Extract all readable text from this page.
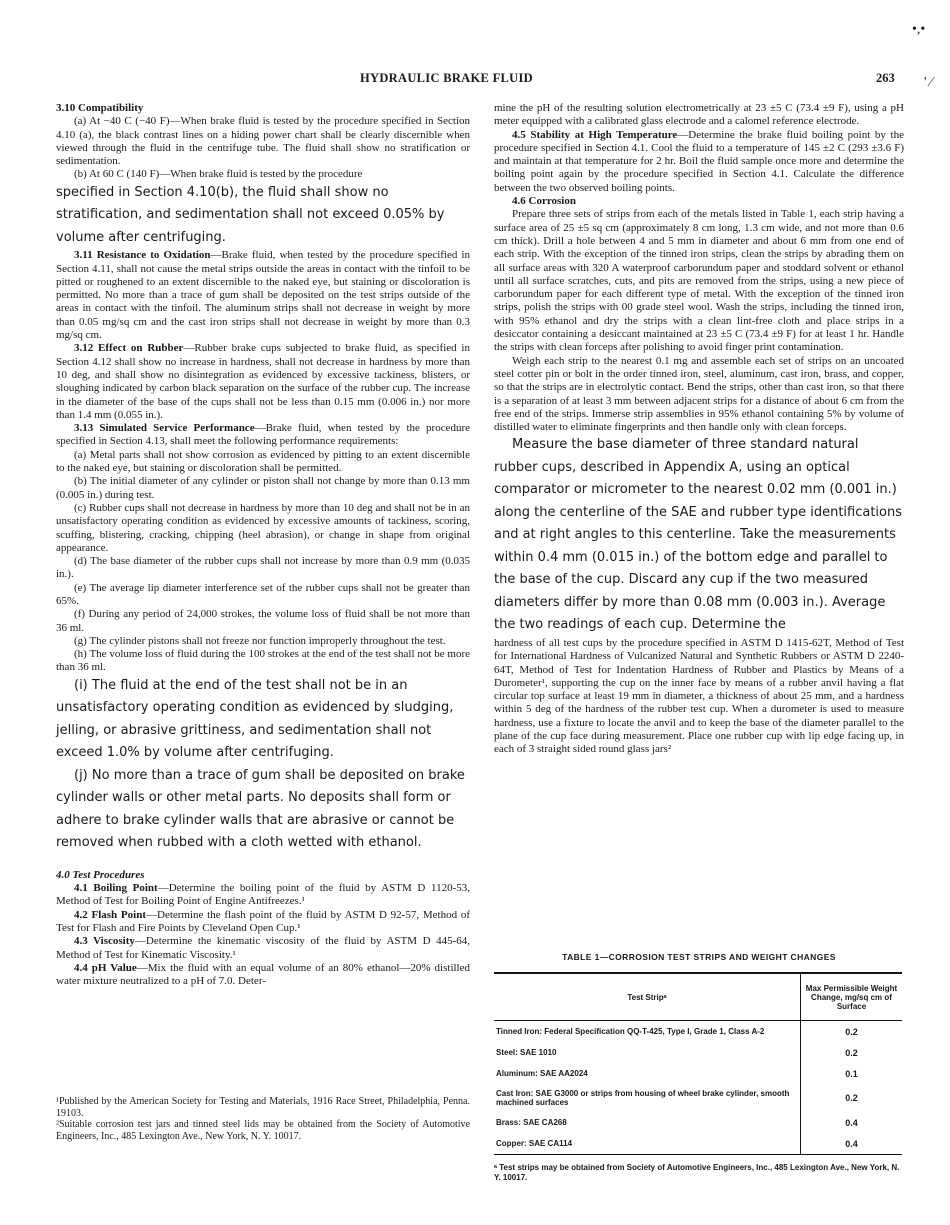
•,•
HYDRAULIC BRAKE FLUID	263 ' ⁄

3.10 Compatibility

(a) At −40 C (−40 F)—When brake fluid is tested by the procedure specified in Section 4.10 (a), the black contrast lines on a hiding power chart shall be clearly discernible when viewed through the fluid in the centrifuge tube. The fluid shall show no stratification or sedimentation.

(b) At 60 C (140 F)—When brake fluid is tested by the procedure

specified in Section 4.10(b), the fluid shall show no stratification, and sedimentation shall not exceed 0.05% by volume after centrifuging.

3.11 Resistance to Oxidation—Brake fluid, when tested by the procedure specified in Section 4.11, shall not cause the metal strips outside the areas in contact with the tinfoil to be pitted or roughened to an extent discernible to the naked eye, but staining or discoloration is permitted. No more than a trace of gum shall be deposited on the test strips outside of the areas in contact with the tinfoil. The aluminum strips shall not decrease in weight by more than 0.05 mg/sq cm and the cast iron strips shall not decrease in weight by more than 0.3 mg/sq cm.

3.12 Effect on Rubber—Rubber brake cups subjected to brake fluid, as specified in Section 4.12 shall show no increase in hardness, shall not decrease in hardness by more than 10 deg, and shall show no disintegration as evidenced by excessive tackiness, blisters, or sloughing indicated by carbon black separation on the surface of the rubber cup. The increase in the diameter of the base of the cups shall not be less than 0.15 mm (0.006 in.) nor more than 1.4 mm (0.055 in.).

3.13 Simulated Service Performance—Brake fluid, when tested by the procedure specified in Section 4.13, shall meet the following performance requirements:

(a) Metal parts shall not show corrosion as evidenced by pitting to an extent discernible to the naked eye, but staining or discoloration shall be permitted.

(b) The initial diameter of any cylinder or piston shall not change by more than 0.13 mm (0.005 in.) during test.

(c) Rubber cups shall not decrease in hardness by more than 10 deg and shall not be in an unsatisfactory operating condition as evidenced by excessive amounts of tackiness, scoring, scuffing, blistering, cracking, chipping (heel abrasion), or change in shape from original appearance.

(d) The base diameter of the rubber cups shall not increase by more than 0.9 mm (0.035 in.).

(e) The average lip diameter interference set of the rubber cups shall not be greater than 65%.

(f) During any period of 24,000 strokes, the volume loss of fluid shall be not more than 36 ml.

(g) The cylinder pistons shall not freeze nor function improperly throughout the test.

(h) The volume loss of fluid during the 100 strokes at the end of the test shall not be more than 36 ml.

(i) The fluid at the end of the test shall not be in an unsatisfactory operating condition as evidenced by sludging, jelling, or abrasive grittiness, and sedimentation shall not exceed 1.0% by volume after centrifuging.

(j) No more than a trace of gum shall be deposited on brake cylinder walls or other metal parts. No deposits shall form or adhere to brake cylinder walls that are abrasive or cannot be removed when rubbed with a cloth wetted with ethanol.

4.0 Test Procedures

4.1 Boiling Point—Determine the boiling point of the fluid by ASTM D 1120-53, Method of Test for Boiling Point of Engine Antifreezes.¹

4.2 Flash Point—Determine the flash point of the fluid by ASTM D 92-57, Method of Test for Flash and Fire Points by Cleveland Open Cup.¹

4.3 Viscosity—Determine the kinematic viscosity of the fluid by ASTM D 445-64, Method of Test for Kinematic Viscosity.¹

4.4 pH Value—Mix the fluid with an equal volume of an 80% ethanol—20% distilled water mixture neutralized to a pH of 7.0. Deter-

¹Published by the American Society for Testing and Materials, 1916 Race Street, Philadelphia, Penna. 19103.

²Suitable corrosion test jars and tinned steel lids may be obtained from the Society of Automotive Engineers, Inc., 485 Lexington Ave., New York, N. Y. 10017.

mine the pH of the resulting solution electrometrically at 23 ±5 C (73.4 ±9 F), using a pH meter equipped with a calibrated glass electrode and a calomel reference electrode.

4.5 Stability at High Temperature—Determine the brake fluid boiling point by the procedure specified in Section 4.1. Cool the fluid to a temperature of 145 ±2 C (293 ±3.6 F) and maintain at that temperature for 2 hr. Boil the fluid sample once more and determine the boiling point again by the procedure specified in Section 4.1. Calculate the difference between the two observed boiling points.

4.6 Corrosion

Prepare three sets of strips from each of the metals listed in Table 1, each strip having a surface area of 25 ±5 sq cm (approximately 8 cm long, 1.3 cm wide, and not more than 0.6 cm thick). Drill a hole between 4 and 5 mm in diameter and about 6 mm from one end of each strip. With the exception of the tinned iron strips, clean the strips by abrading them on all surface areas with 320 A waterproof carborundum paper and stoddard solvent or ethanol until all surface scratches, cuts, and pits are removed from the strips, using a new piece of carborundum paper for each different type of metal. With the exception of the tinned iron strips, polish the strips with 00 grade steel wool. Wash the strips, including the tinned iron, with 95% ethanol and dry the strips with a clean lint-free cloth and place strips in a desiccator containing a desiccant maintained at 23 ±5 C (73.4 ±9 F) for at least 1 hr. Handle the strips with clean forceps after polishing to avoid finger print contamination.

Weigh each strip to the nearest 0.1 mg and assemble each set of strips on an uncoated steel cotter pin or bolt in the order tinned iron, steel, aluminum, cast iron, brass, and copper, so that the strips are in electrolytic contact. Bend the strips, other than cast iron, so that there is a separation of at least 3 mm between adjacent strips for a distance of about 6 cm from the free end of the strips. Immerse strip assemblies in 95% ethanol containing 5% by volume of distilled water to eliminate fingerprints and then handle only with clean forceps.

Measure the base diameter of three standard natural rubber cups, described in Appendix A, using an optical comparator or micrometer to the nearest 0.02 mm (0.001 in.) along the centerline of the SAE and rubber type identifications and at right angles to this centerline. Take the measurements within 0.4 mm (0.015 in.) of the bottom edge and parallel to the base of the cup. Discard any cup if the two measured diameters differ by more than 0.08 mm (0.003 in.). Average the two readings of each cup. Determine the

hardness of all test cups by the procedure specified in ASTM D 1415-62T, Method of Test for International Hardness of Vulcanized Natural and Synthetic Rubbers or ASTM D 2240-64T, Method of Test for Indentation Hardness of Rubber and Plastics by Means of a Durometer¹, supporting the cup on the inner face by means of a rubber anvil having a flat circular top surface at least 19 mm in diameter, a thickness of about 25 mm, and a hardness within 5 deg of the hardness of the rubber test cup. When a durometer is used to measure hardness, use a fixture to locate the anvil and to keep the base of the diameter parallel to the plane of the cup face during measurement. Place one rubber cup with lip edge facing up, in each of 3 straight sided round glass jars²

TABLE 1—CORROSION TEST STRIPS AND WEIGHT CHANGES
Test Stripᵃ	Max Permissible Weight Change, mg/sq cm of Surface
Tinned Iron: Federal Specification QQ-T-425, Type I, Grade 1, Class A-2	0.2
Steel: SAE 1010	0.2
Aluminum: SAE AA2024	0.1
Cast Iron: SAE G3000 or strips from housing of wheel brake cylinder, smooth machined surfaces	0.2
Brass: SAE CA268	0.4
Copper: SAE CA114	0.4
ᵃ Test strips may be obtained from Society of Automotive Engineers, Inc., 485 Lexington Ave., New York, N. Y. 10017.
